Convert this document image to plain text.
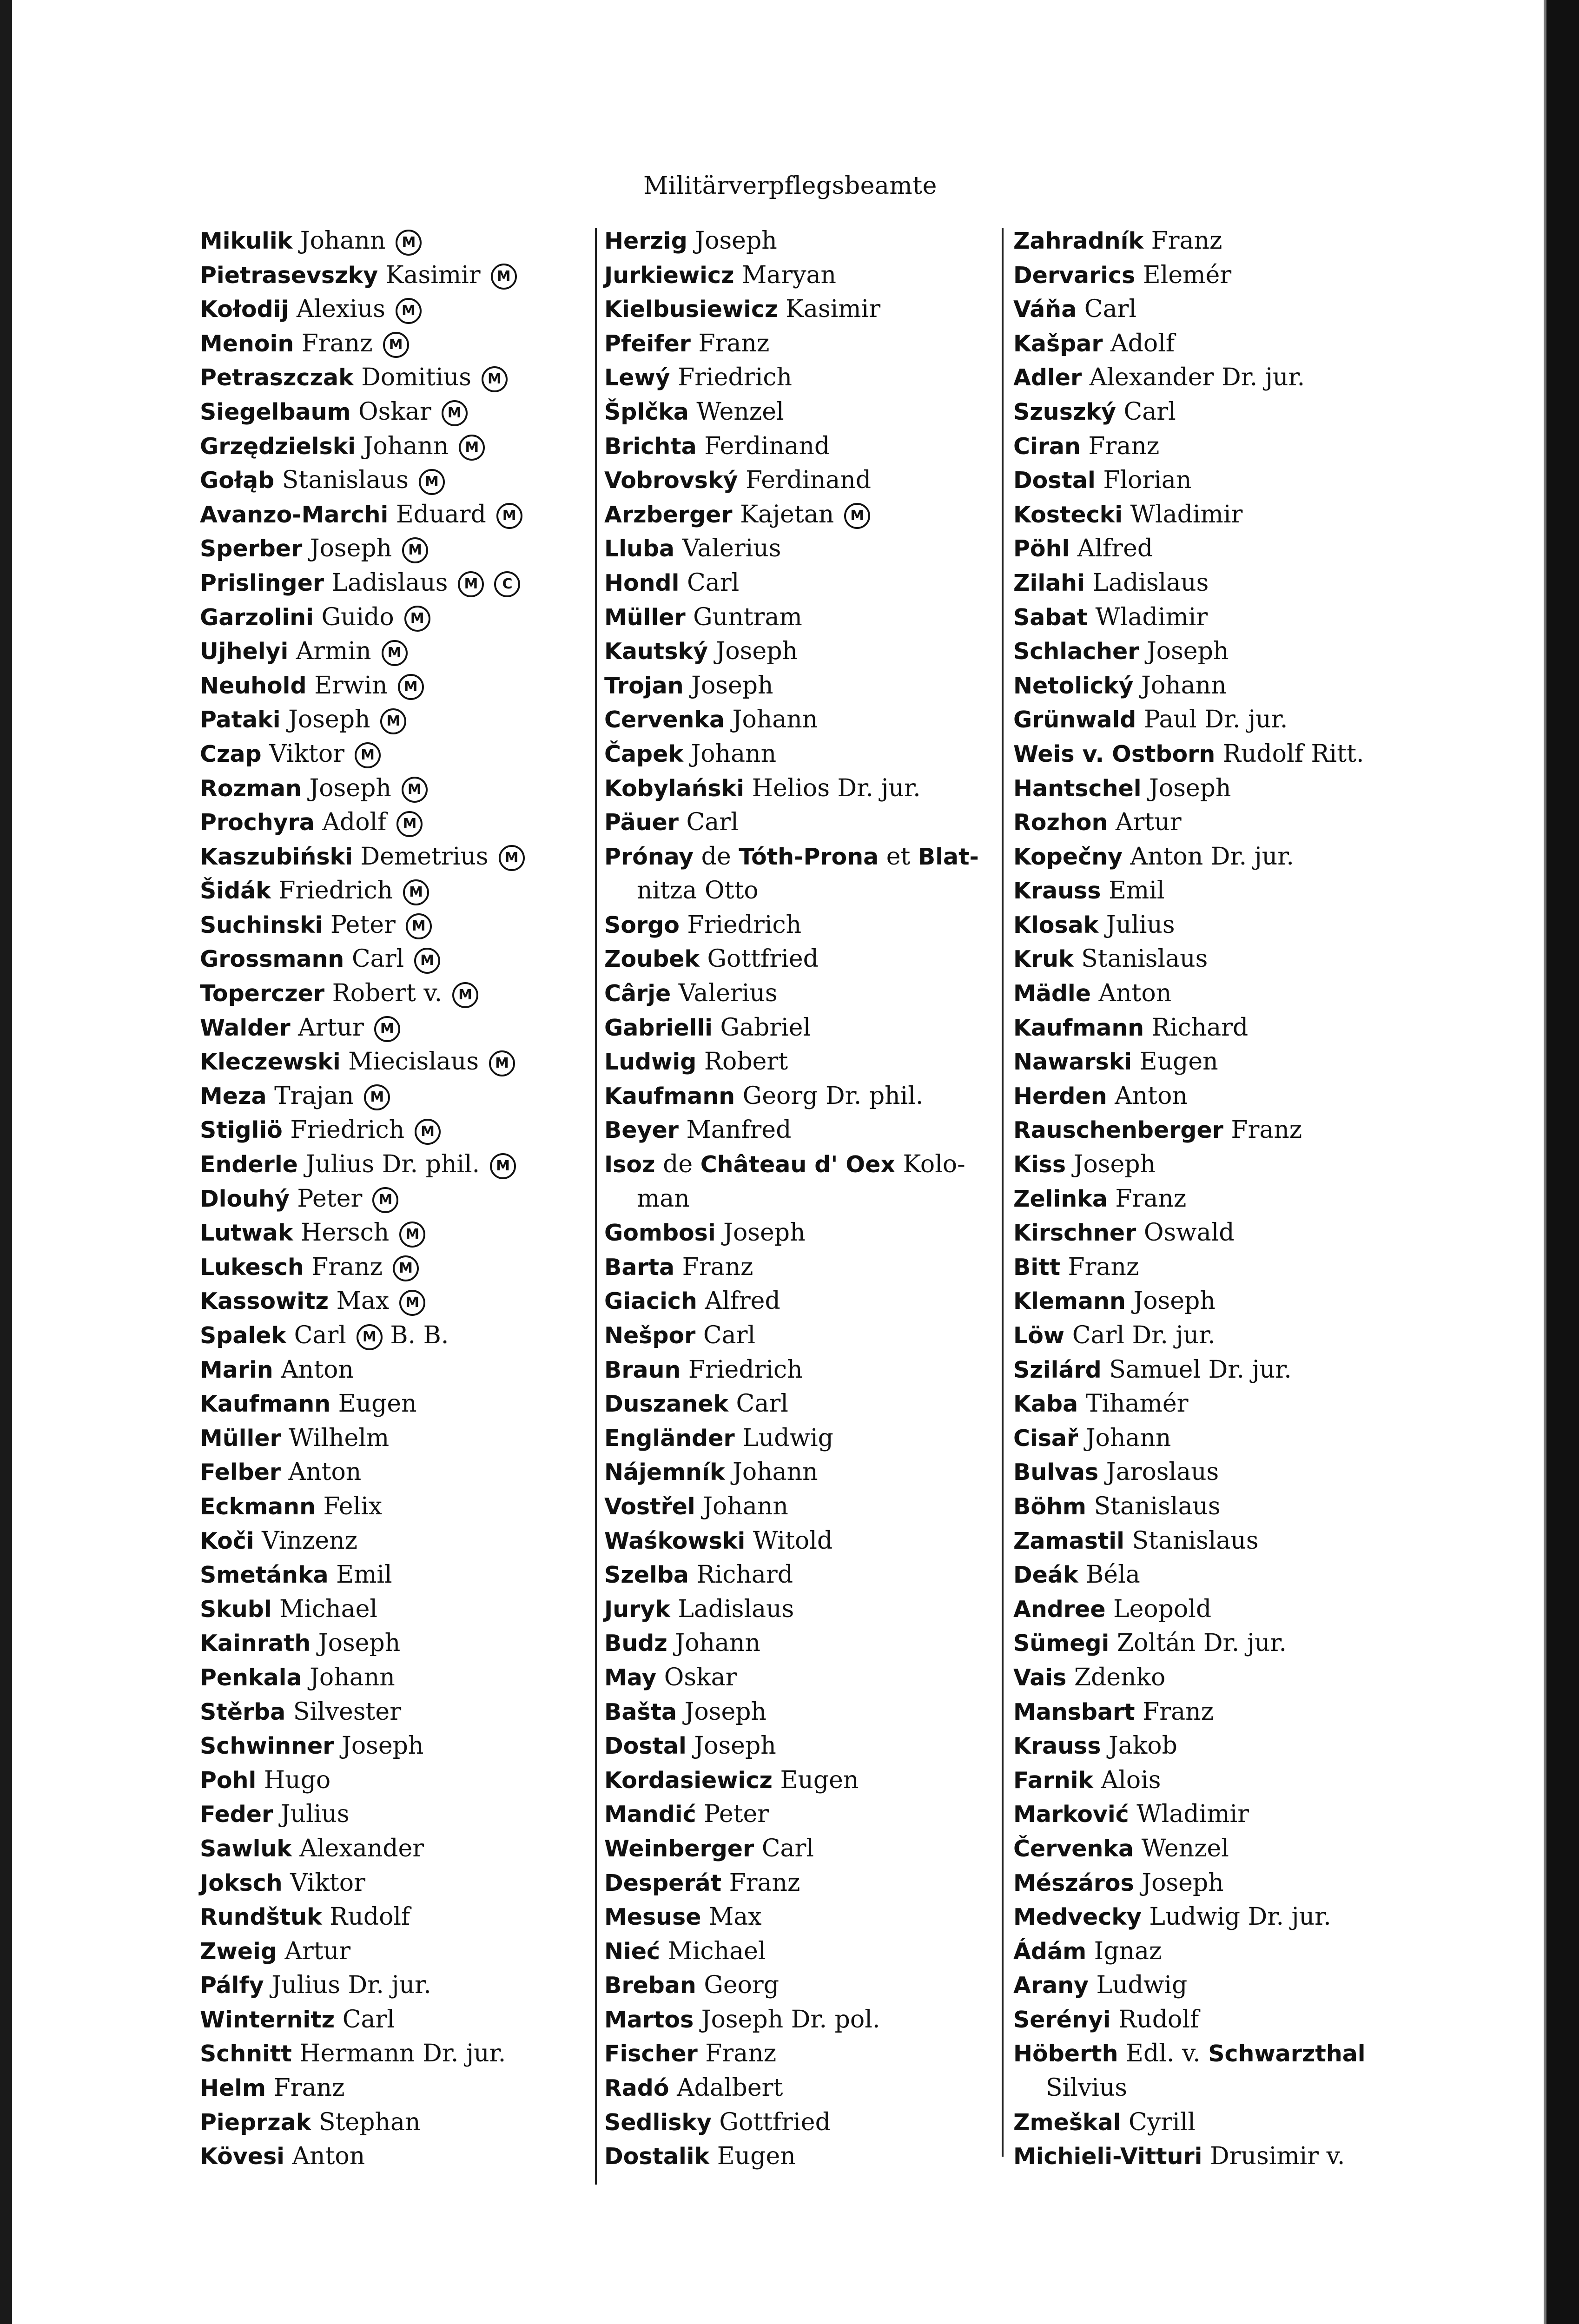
Militärverpflegsbeamte
Mikulik Johann M
Pietrasevszky Kasimir M
Kołodij Alexius M
Menoin Franz M
Petraszczak Domitius M
Siegelbaum Oskar M
Grzędzielski Johann M
Gołąb Stanislaus M
Avanzo-Marchi Eduard M
Sperber Joseph M
Prislinger Ladislaus M C
Garzolini Guido M
Ujhelyi Armin M
Neuhold Erwin M
Pataki Joseph M
Czap Viktor M
Rozman Joseph M
Prochyra Adolf M
Kaszubiński Demetrius M
Šidák Friedrich M
Suchinski Peter M
Grossmann Carl M
Toperczer Robert v. M
Walder Artur M
Kleczewski Miecislaus M
Meza Trajan M
Stigliö Friedrich M
Enderle Julius Dr. phil. M
Dlouhý Peter M
Lutwak Hersch M
Lukesch Franz M
Kassowitz Max M
Spalek Carl M B. B.
Marin Anton
Kaufmann Eugen
Müller Wilhelm
Felber Anton
Eckmann Felix
Koči Vinzenz
Smetánka Emil
Skubl Michael
Kainrath Joseph
Penkala Johann
Stěrba Silvester
Schwinner Joseph
Pohl Hugo
Feder Julius
Sawluk Alexander
Joksch Viktor
Rundštuk Rudolf
Zweig Artur
Pálfy Julius Dr. jur.
Winternitz Carl
Schnitt Hermann Dr. jur.
Helm Franz
Pieprzak Stephan
Kövesi Anton
Herzig Joseph
Jurkiewicz Maryan
Kielbusiewicz Kasimir
Pfeifer Franz
Lewý Friedrich
Šplčka Wenzel
Brichta Ferdinand
Vobrovský Ferdinand
Arzberger Kajetan M
Lluba Valerius
Hondl Carl
Müller Guntram
Kautský Joseph
Trojan Joseph
Cervenka Johann
Čapek Johann
Kobylański Helios Dr. jur.
Päuer Carl
Prónay de Tóth-Prona et Blat-
nitza Otto
Sorgo Friedrich
Zoubek Gottfried
Cârje Valerius
Gabrielli Gabriel
Ludwig Robert
Kaufmann Georg Dr. phil.
Beyer Manfred
Isoz de Château d' Oex Kolo-
man
Gombosi Joseph
Barta Franz
Giacich Alfred
Nešpor Carl
Braun Friedrich
Duszanek Carl
Engländer Ludwig
Nájemník Johann
Vostřel Johann
Waśkowski Witold
Szelba Richard
Juryk Ladislaus
Budz Johann
May Oskar
Bašta Joseph
Dostal Joseph
Kordasiewicz Eugen
Mandić Peter
Weinberger Carl
Desperát Franz
Mesuse Max
Nieć Michael
Breban Georg
Martos Joseph Dr. pol.
Fischer Franz
Radó Adalbert
Sedlisky Gottfried
Dostalik Eugen
Zahradník Franz
Dervarics Elemér
Váňa Carl
Kašpar Adolf
Adler Alexander Dr. jur.
Szuszký Carl
Ciran Franz
Dostal Florian
Kostecki Wladimir
Pöhl Alfred
Zilahi Ladislaus
Sabat Wladimir
Schlacher Joseph
Netolický Johann
Grünwald Paul Dr. jur.
Weis v. Ostborn Rudolf Ritt.
Hantschel Joseph
Rozhon Artur
Kopečny Anton Dr. jur.
Krauss Emil
Klosak Julius
Kruk Stanislaus
Mädle Anton
Kaufmann Richard
Nawarski Eugen
Herden Anton
Rauschenberger Franz
Kiss Joseph
Zelinka Franz
Kirschner Oswald
Bitt Franz
Klemann Joseph
Löw Carl Dr. jur.
Szilárd Samuel Dr. jur.
Kaba Tihamér
Cisař Johann
Bulvas Jaroslaus
Böhm Stanislaus
Zamastil Stanislaus
Deák Béla
Andree Leopold
Sümegi Zoltán Dr. jur.
Vais Zdenko
Mansbart Franz
Krauss Jakob
Farnik Alois
Marković Wladimir
Červenka Wenzel
Mészáros Joseph
Medvecky Ludwig Dr. jur.
Ádám Ignaz
Arany Ludwig
Serényi Rudolf
Höberth Edl. v. Schwarzthal
Silvius
Zmeškal Cyrill
Michieli-Vitturi Drusimir v.
